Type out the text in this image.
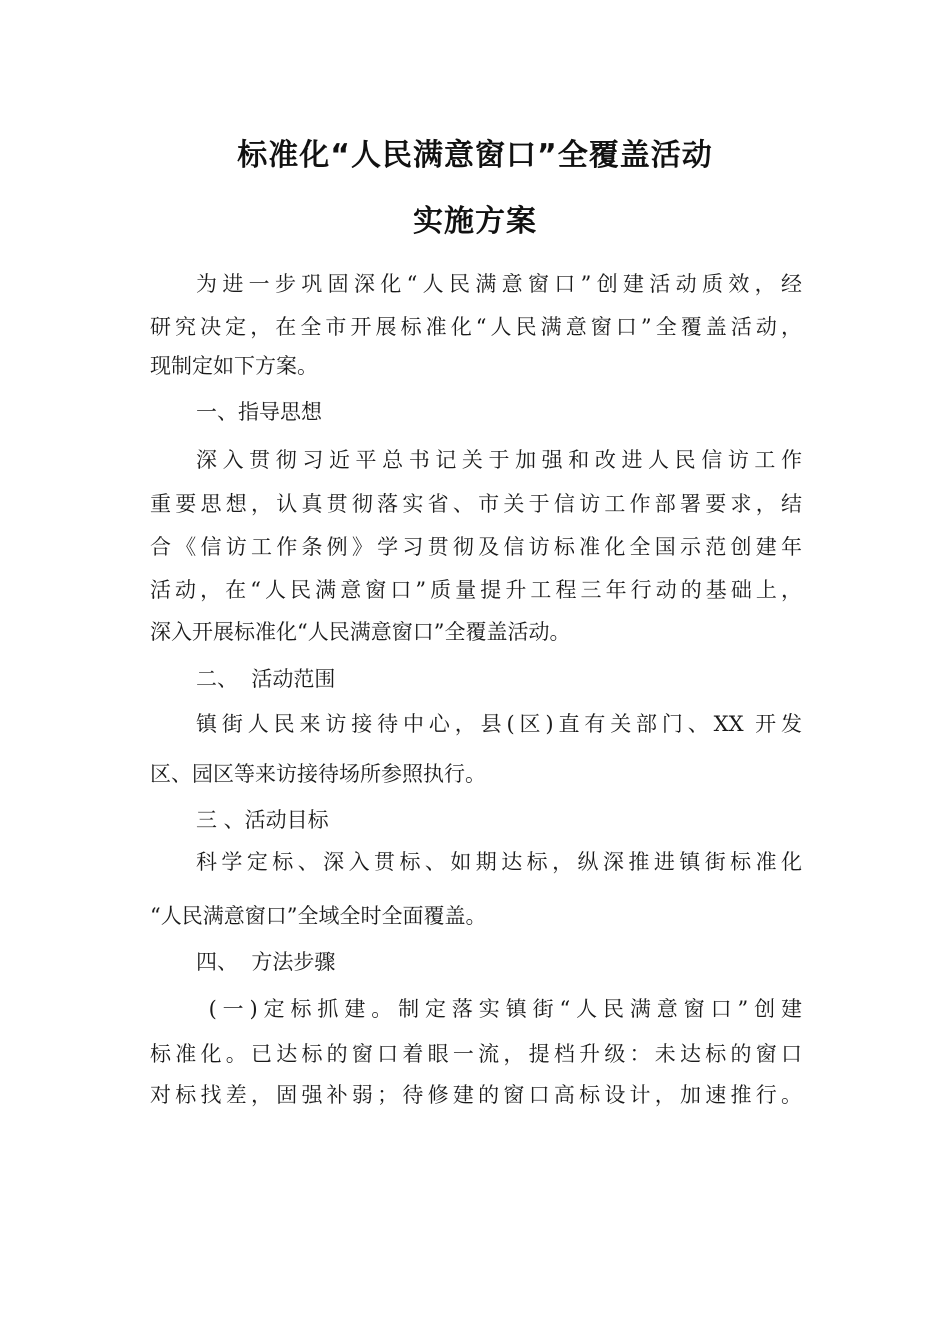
标准化“人民满意窗口”全覆盖活动
实施方案
为进一步巩固深化“人民满意窗口”创建活动质效，经
研究决定，在全市开展标准化“人民满意窗口”全覆盖活动，
现制定如下方案。
一、指导思想
深入贯彻习近平总书记关于加强和改进人民信访工作
重要思想，认真贯彻落实省、市关于信访工作部署要求，结
合《信访工作条例》学习贯彻及信访标准化全国示范创建年
活动，在“人民满意窗口”质量提升工程三年行动的基础上，
深入开展标准化“人民满意窗口”全覆盖活动。
二、  活动范围
镇街人民来访接待中心，县(区)直有关部门、XX 开发
区、园区等来访接待场所参照执行。
三 、活动目标
科学定标、深入贯标、如期达标，纵深推进镇街标准化
“人民满意窗口”全域全时全面覆盖。
四、  方法步骤
(一)定标抓建。制定落实镇街“人民满意窗口”创建
标准化。已达标的窗口着眼一流，提档升级：未达标的窗口
对标找差，固强补弱；待修建的窗口高标设计，加速推行。
